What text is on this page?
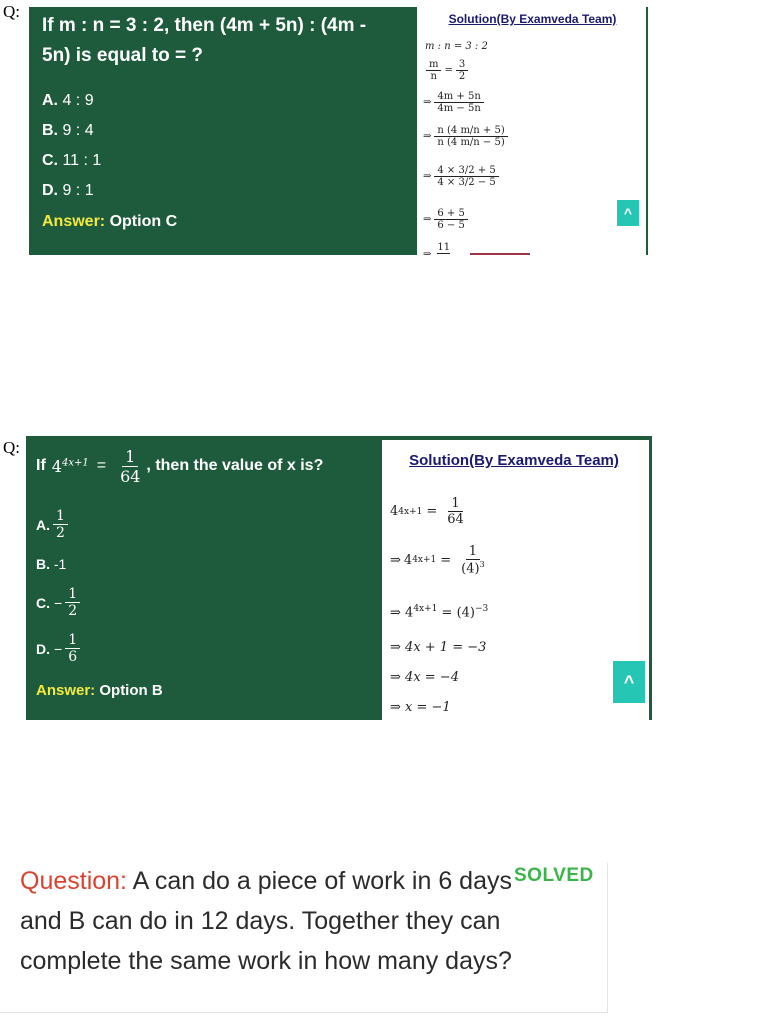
Q:
If m : n = 3 : 2, then (4m + 5n) : (4m -
5n) is equal to = ?
A. 4 : 9
B. 9 : 4
C. 11 : 1
D. 9 : 1
Answer: Option C
Solution(By Examveda Team)
m : n = 3 : 2
$\frac{m}{n} = \frac{3}{2}$
⇒ $\frac{4m + 5n}{4m - 5n}$
⇒ $\frac{n (4 m/n + 5)}{n (4 m/n - 5)}$
⇒ $\frac{4 \times 3/2 + 5}{4 \times 3/2 - 5}$
⇒ $\frac{6 + 5}{6 - 5}$
⇒
11
^
Q:
If $4^{4x+1} = \frac{1}{64}$ , then the value of x is?
A. $\frac{1}{2}$
B. -1
C. − $\frac{1}{2}$
D. − $\frac{1}{6}$
Answer: Option B
Solution(By Examveda Team)
4 $4x+1 = \frac{1}{64}$
⇒ 4 $4x+1 = \frac{1}{(4)^3}$
⇒ $4^{4x+1} = (4)^{-3}$
⇒ 4x + 1 = −3
⇒ 4x = −4
⇒ x = −1
^
Question: A can do a piece of work in 6 days SOLVED
and B can do in 12 days. Together they can
complete the same work in how many days?
